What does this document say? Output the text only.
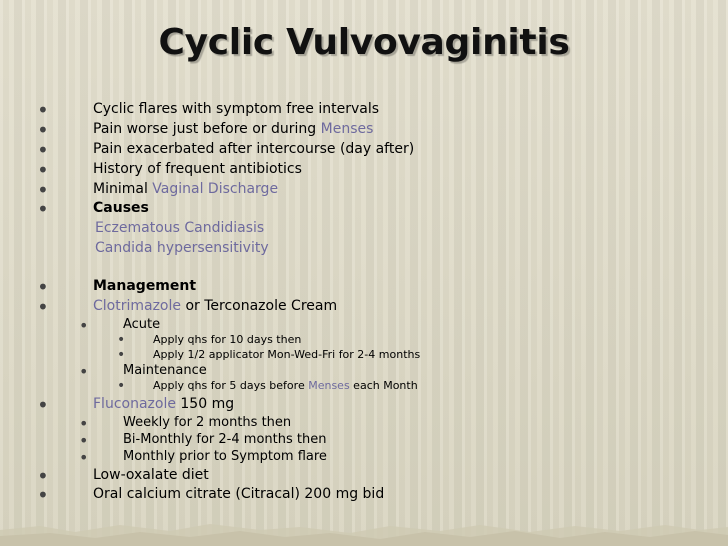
Cyclic Vulvovaginitis
•	Cyclic flares with symptom free intervals
•	Pain worse just before or during Menses
•	Pain exacerbated after intercourse (day after)
•	History of frequent antibiotics
•	Minimal Vaginal Discharge
•	Causes
Eczematous Candidiasis
Candida hypersensitivity
•	Management
•	Clotrimazole or Terconazole Cream
•	Acute
•	Apply qhs for 10 days then
•	Apply 1/2 applicator Mon-Wed-Fri for 2-4 months
•	Maintenance
•	Apply qhs for 5 days before Menses each Month
•	Fluconazole 150 mg
•	Weekly for 2 months then
•	Bi-Monthly for 2-4 months then
•	Monthly prior to Symptom flare
•	Low-oxalate diet
•	Oral calcium citrate (Citracal) 200 mg bid
